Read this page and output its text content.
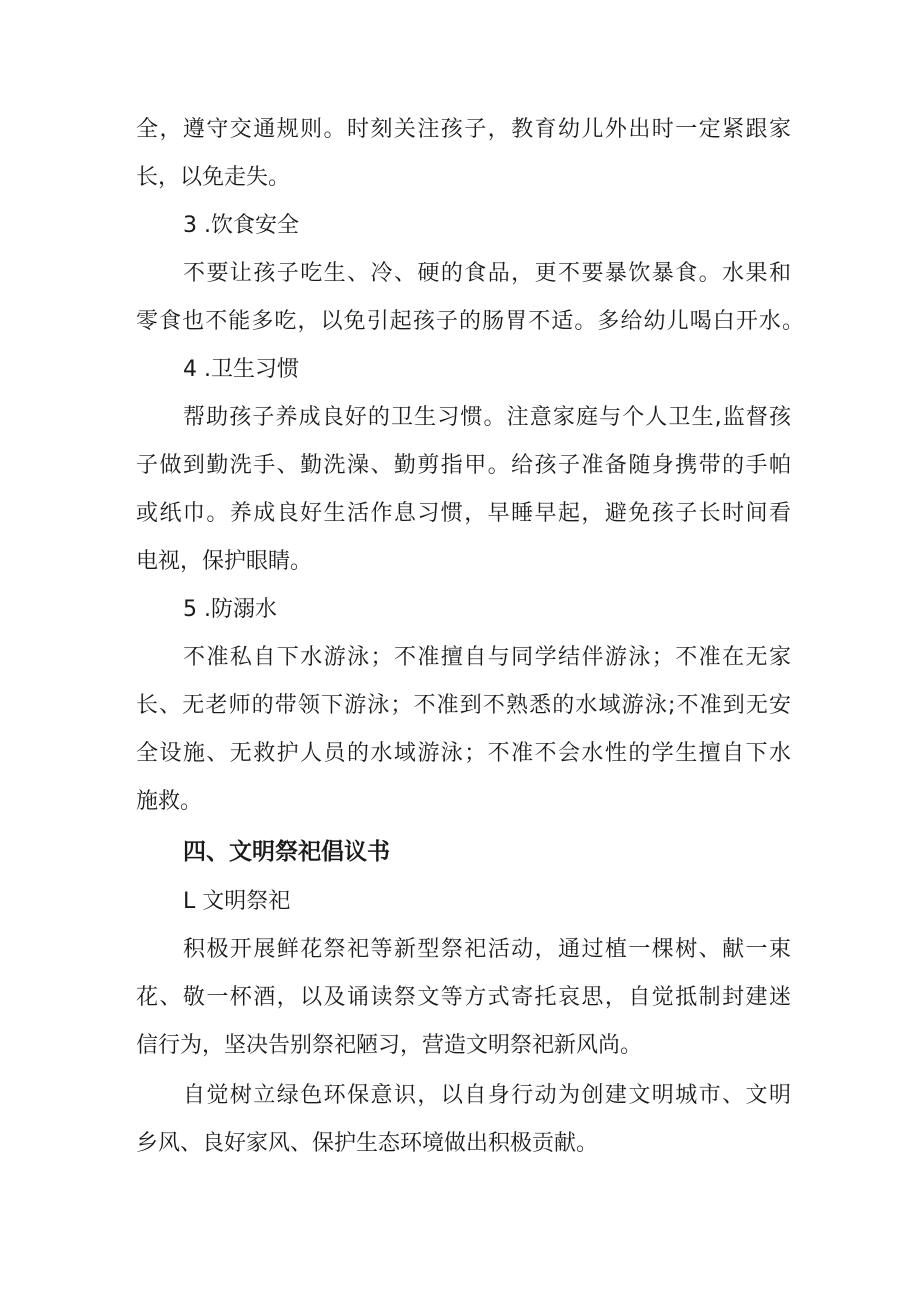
全，遵守交通规则。时刻关注孩子，教育幼儿外出时一定紧跟家

长，以免走失。

3 .饮食安全

不要让孩子吃生、冷、硬的食品，更不要暴饮暴食。水果和

零食也不能多吃，以免引起孩子的肠胃不适。多给幼儿喝白开水。

4 .卫生习惯

帮助孩子养成良好的卫生习惯。注意家庭与个人卫生,监督孩

子做到勤洗手、勤洗澡、勤剪指甲。给孩子准备随身携带的手帕

或纸巾。养成良好生活作息习惯，早睡早起，避免孩子长时间看

电视，保护眼睛。

5 .防溺水

不准私自下水游泳；不准擅自与同学结伴游泳；不准在无家

长、无老师的带领下游泳；不准到不熟悉的水域游泳;不准到无安

全设施、无救护人员的水域游泳；不准不会水性的学生擅自下水

施救。

四、文明祭祀倡议书

L 文明祭祀

积极开展鲜花祭祀等新型祭祀活动，通过植一棵树、献一束

花、敬一杯酒，以及诵读祭文等方式寄托哀思，自觉抵制封建迷

信行为，坚决告别祭祀陋习，营造文明祭祀新风尚。

自觉树立绿色环保意识，以自身行动为创建文明城市、文明

乡风、良好家风、保护生态环境做出积极贡献。
